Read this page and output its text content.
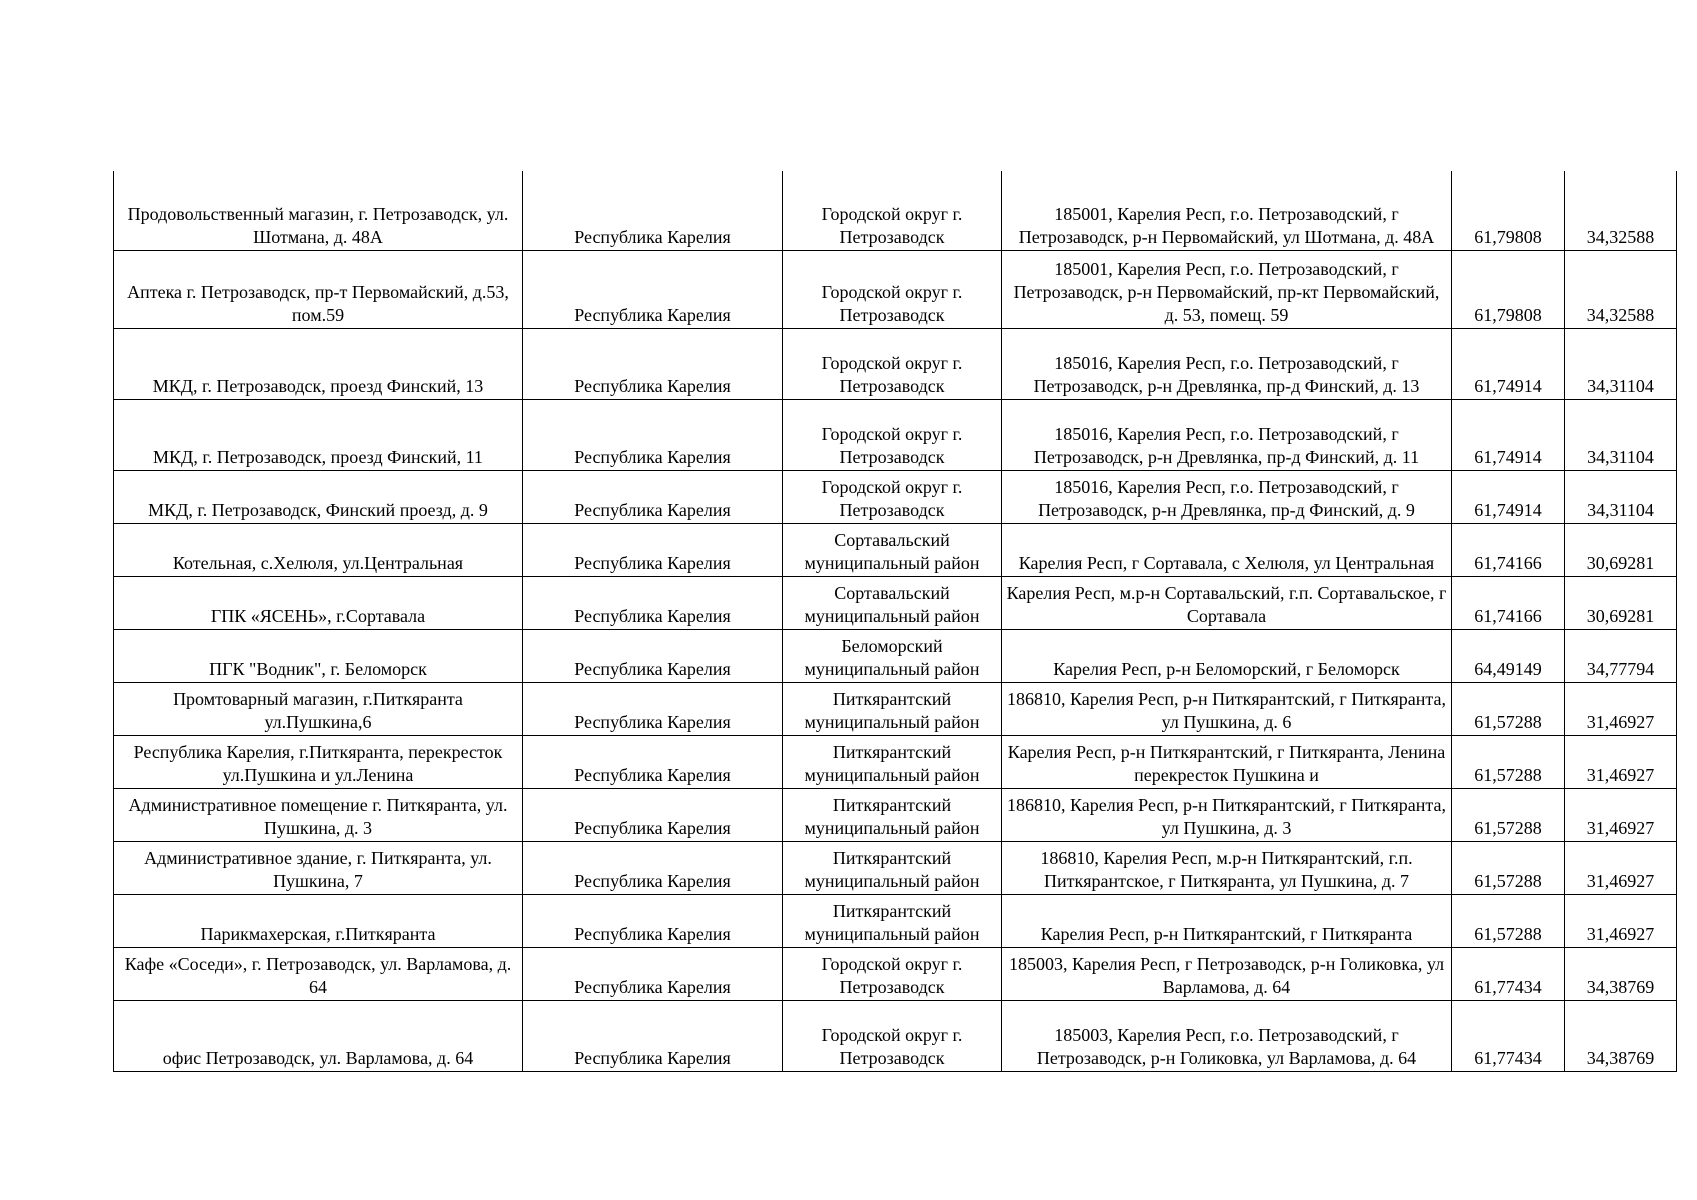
Продовольственный магазин, г. Петрозаводск, ул. Шотмана, д. 48А	Республика Карелия	Городской округ г. Петрозаводск	185001, Карелия Респ, г.о. Петрозаводский, г Петрозаводск, р-н Первомайский, ул Шотмана, д. 48А	61,79808	34,32588
Аптека г. Петрозаводск, пр-т Первомайский, д.53, пом.59	Республика Карелия	Городской округ г. Петрозаводск	185001, Карелия Респ, г.о. Петрозаводский, г Петрозаводск, р-н Первомайский, пр-кт Первомайский, д. 53, помещ. 59	61,79808	34,32588
МКД, г. Петрозаводск, проезд Финский, 13	Республика Карелия	Городской округ г. Петрозаводск	185016, Карелия Респ, г.о. Петрозаводский, г Петрозаводск, р-н Древлянка, пр-д Финский, д. 13	61,74914	34,31104
МКД, г. Петрозаводск, проезд Финский, 11	Республика Карелия	Городской округ г. Петрозаводск	185016, Карелия Респ, г.о. Петрозаводский, г Петрозаводск, р-н Древлянка, пр-д Финский, д. 11	61,74914	34,31104
МКД, г. Петрозаводск, Финский проезд, д. 9	Республика Карелия	Городской округ г. Петрозаводск	185016, Карелия Респ, г.о. Петрозаводский, г Петрозаводск, р-н Древлянка, пр-д Финский, д. 9	61,74914	34,31104
Котельная, с.Хелюля, ул.Центральная	Республика Карелия	Сортавальский муниципальный район	Карелия Респ, г Сортавала, с Хелюля, ул Центральная	61,74166	30,69281
ГПК «ЯСЕНЬ», г.Сортавала	Республика Карелия	Сортавальский муниципальный район	Карелия Респ, м.р-н Сортавальский, г.п. Сортавальское, г Сортавала	61,74166	30,69281
ПГК "Водник", г. Беломорск	Республика Карелия	Беломорский муниципальный район	Карелия Респ, р-н Беломорский, г Беломорск	64,49149	34,77794
Промтоварный магазин, г.Питкяранта ул.Пушкина,6	Республика Карелия	Питкярантский муниципальный район	186810, Карелия Респ, р-н Питкярантский, г Питкяранта, ул Пушкина, д. 6	61,57288	31,46927
Республика Карелия, г.Питкяранта, перекресток ул.Пушкина и ул.Ленина	Республика Карелия	Питкярантский муниципальный район	Карелия Респ, р-н Питкярантский, г Питкяранта, Ленина перекресток Пушкина и	61,57288	31,46927
Административное помещение г. Питкяранта, ул. Пушкина, д. 3	Республика Карелия	Питкярантский муниципальный район	186810, Карелия Респ, р-н Питкярантский, г Питкяранта, ул Пушкина, д. 3	61,57288	31,46927
Административное здание, г. Питкяранта, ул. Пушкина, 7	Республика Карелия	Питкярантский муниципальный район	186810, Карелия Респ, м.р-н Питкярантский, г.п. Питкярантское, г Питкяранта, ул Пушкина, д. 7	61,57288	31,46927
Парикмахерская, г.Питкяранта	Республика Карелия	Питкярантский муниципальный район	Карелия Респ, р-н Питкярантский, г Питкяранта	61,57288	31,46927
Кафе «Соседи», г. Петрозаводск, ул. Варламова, д. 64	Республика Карелия	Городской округ г. Петрозаводск	185003, Карелия Респ, г Петрозаводск, р-н Голиковка, ул Варламова, д. 64	61,77434	34,38769
офис Петрозаводск, ул. Варламова, д. 64	Республика Карелия	Городской округ г. Петрозаводск	185003, Карелия Респ, г.о. Петрозаводский, г Петрозаводск, р-н Голиковка, ул Варламова, д. 64	61,77434	34,38769
